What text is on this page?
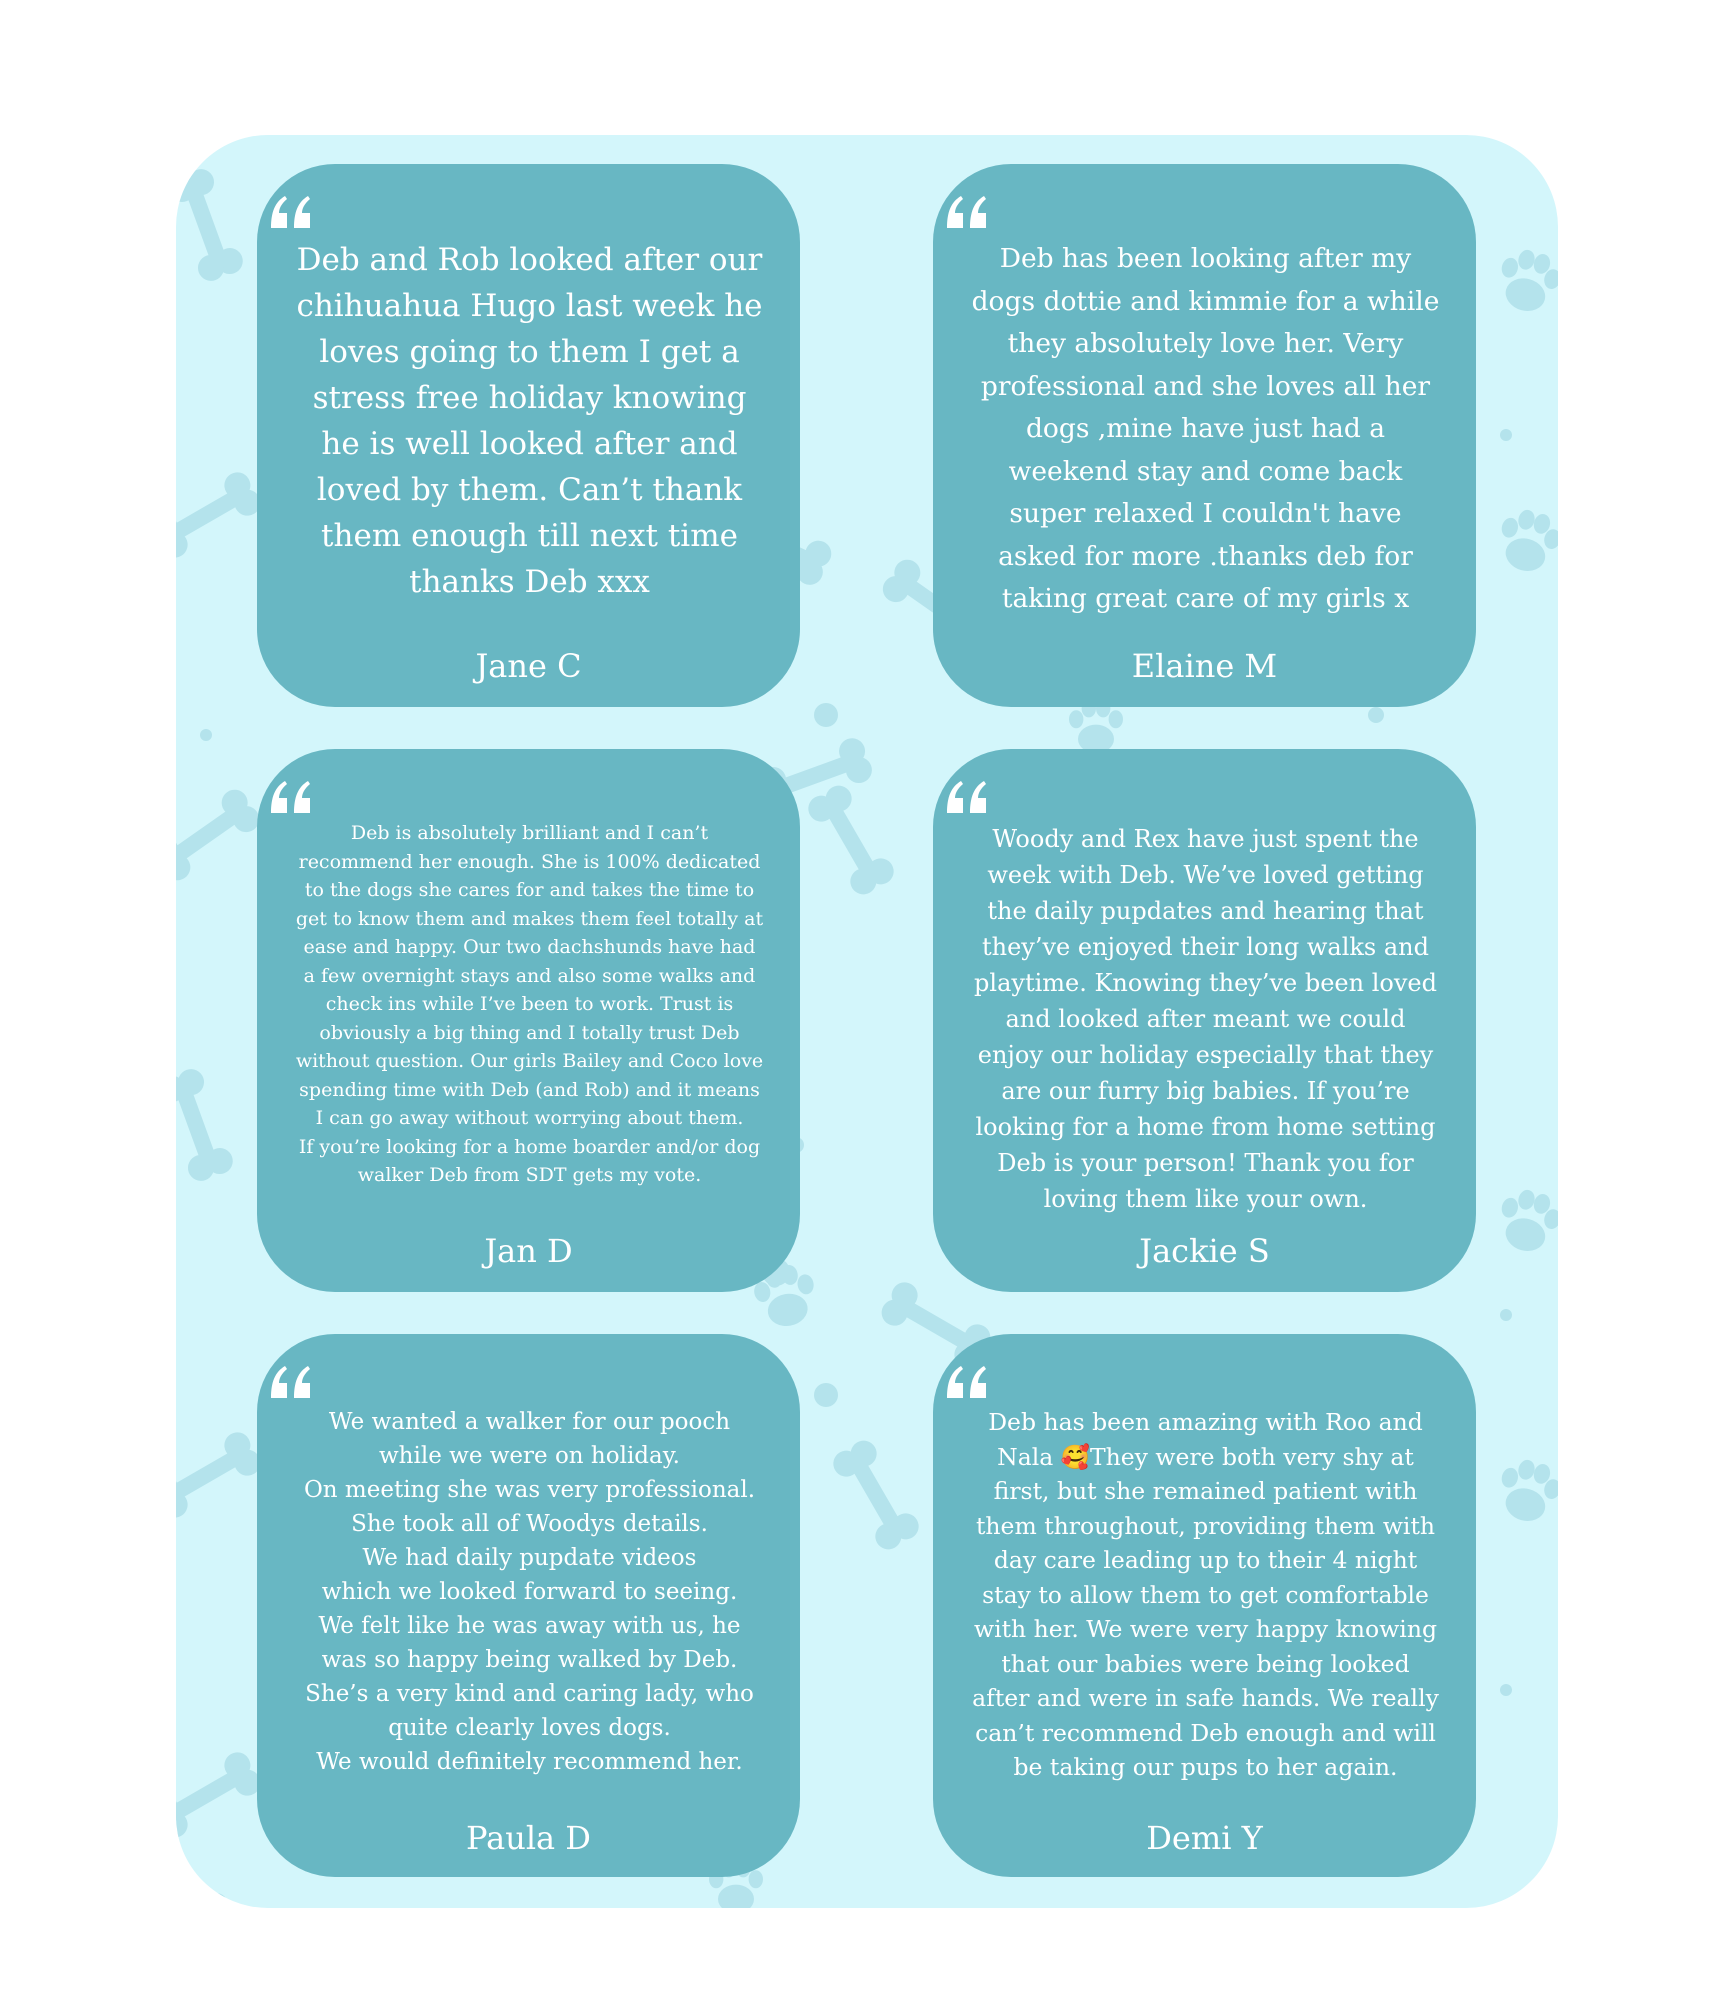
Deb and Rob looked after our chihuahua Hugo last week he loves going to them I get a stress free holiday knowing he is well looked after and loved by them. Can’t thank them enough till next time thanks Deb xxx

Jane C

Deb has been looking after my dogs dottie and kimmie for a while they absolutely love her. Very professional and she loves all her dogs ,mine have just had a weekend stay and come back super relaxed I couldn't have asked for more .thanks deb for taking great care of my girls x

Elaine M

Deb is absolutely brilliant and I can’t recommend her enough. She is 100% dedicated to the dogs she cares for and takes the time to get to know them and makes them feel totally at ease and happy. Our two dachshunds have had a few overnight stays and also some walks and check ins while I’ve been to work. Trust is obviously a big thing and I totally trust Deb without question. Our girls Bailey and Coco love spending time with Deb (and Rob) and it means I can go away without worrying about them.
If you’re looking for a home boarder and/or dog walker Deb from SDT gets my vote.

Jan D

Woody and Rex have just spent the week with Deb. We’ve loved getting the daily pupdates and hearing that they’ve enjoyed their long walks and playtime. Knowing they’ve been loved and looked after meant we could enjoy our holiday especially that they are our furry big babies. If you’re looking for a home from home setting Deb is your person! Thank you for loving them like your own.

Jackie S

We wanted a walker for our pooch while we were on holiday.
On meeting she was very professional. She took all of Woodys details.
We had daily pupdate videos
which we looked forward to seeing.
We felt like he was away with us, he was so happy being walked by Deb.
She’s a very kind and caring lady, who quite clearly loves dogs.
We would definitely recommend her.

Paula D

Deb has been amazing with Roo and Nala 🥰They were both very shy at first, but she remained patient with them throughout, providing them with day care leading up to their 4 night stay to allow them to get comfortable with her. We were very happy knowing that our babies were being looked after and were in safe hands. We really can’t recommend Deb enough and will be taking our pups to her again.

Demi Y
